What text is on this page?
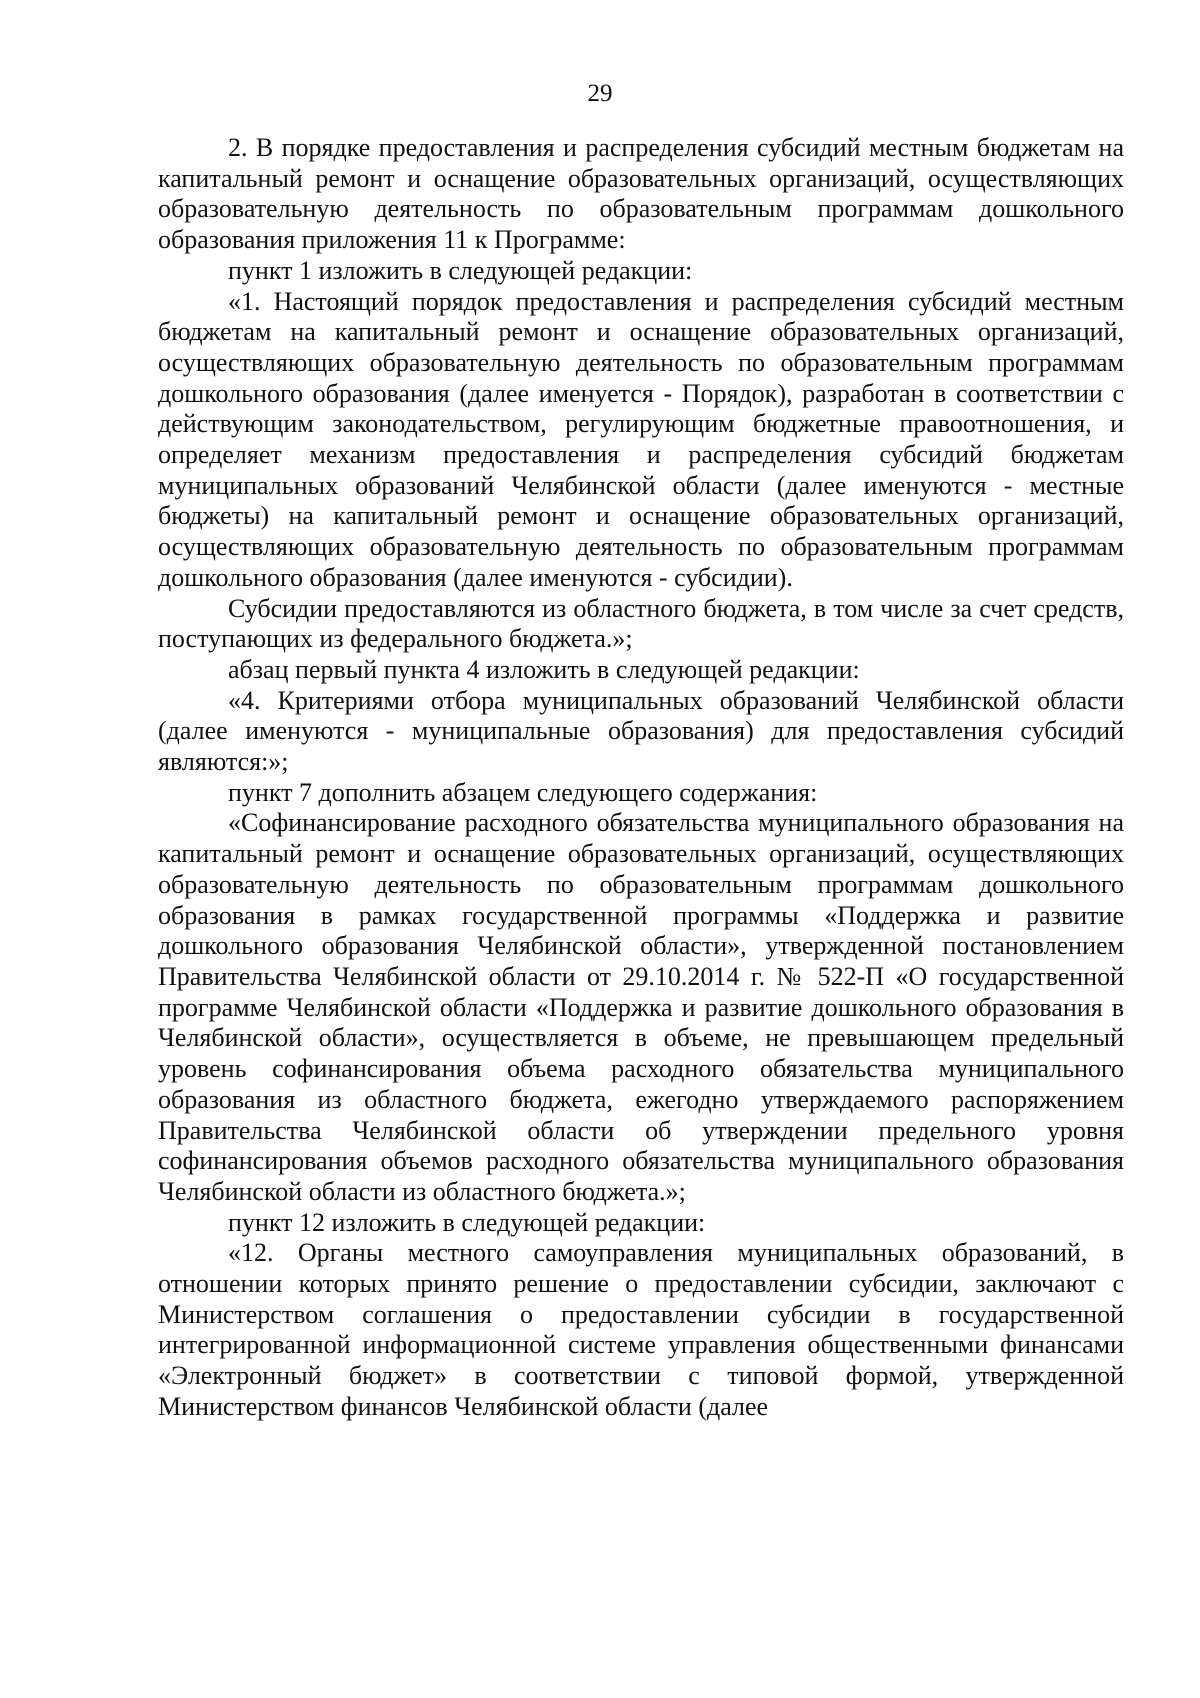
29

2. В порядке предоставления и распределения субсидий местным бюджетам на капитальный ремонт и оснащение образовательных организаций, осуществляющих образовательную деятельность по образовательным программам дошкольного образования приложения 11 к Программе:

пункт 1 изложить в следующей редакции:

«1. Настоящий порядок предоставления и распределения субсидий местным бюджетам на капитальный ремонт и оснащение образовательных организаций, осуществляющих образовательную деятельность по образовательным программам дошкольного образования (далее именуется - Порядок), разработан в соответствии с действующим законодательством, регулирующим бюджетные правоотношения, и определяет механизм предоставления и распределения субсидий бюджетам муниципальных образований Челябинской области (далее именуются - местные бюджеты) на капитальный ремонт и оснащение образовательных организаций, осуществляющих образовательную деятельность по образовательным программам дошкольного образования (далее именуются - субсидии).

Субсидии предоставляются из областного бюджета, в том числе за счет средств, поступающих из федерального бюджета.»;

абзац первый пункта 4 изложить в следующей редакции:

«4. Критериями отбора муниципальных образований Челябинской области (далее именуются - муниципальные образования) для предоставления субсидий являются:»;

пункт 7 дополнить абзацем следующего содержания:

«Софинансирование расходного обязательства муниципального образования на капитальный ремонт и оснащение образовательных организаций, осуществляющих образовательную деятельность по образовательным программам дошкольного образования в рамках государственной программы «Поддержка и развитие дошкольного образования Челябинской области», утвержденной постановлением Правительства Челябинской области от 29.10.2014 г. № 522-П «О государственной программе Челябинской области «Поддержка и развитие дошкольного образования в Челябинской области», осуществляется в объеме, не превышающем предельный уровень софинансирования объема расходного обязательства муниципального образования из областного бюджета, ежегодно утверждаемого распоряжением Правительства Челябинской области об утверждении предельного уровня софинансирования объемов расходного обязательства муниципального образования Челябинской области из областного бюджета.»;

пункт 12 изложить в следующей редакции:

«12. Органы местного самоуправления муниципальных образований, в отношении которых принято решение о предоставлении субсидии, заключают с Министерством соглашения о предоставлении субсидии в государственной интегрированной информационной системе управления общественными финансами «Электронный бюджет» в соответствии с типовой формой, утвержденной Министерством финансов Челябинской области (далее
